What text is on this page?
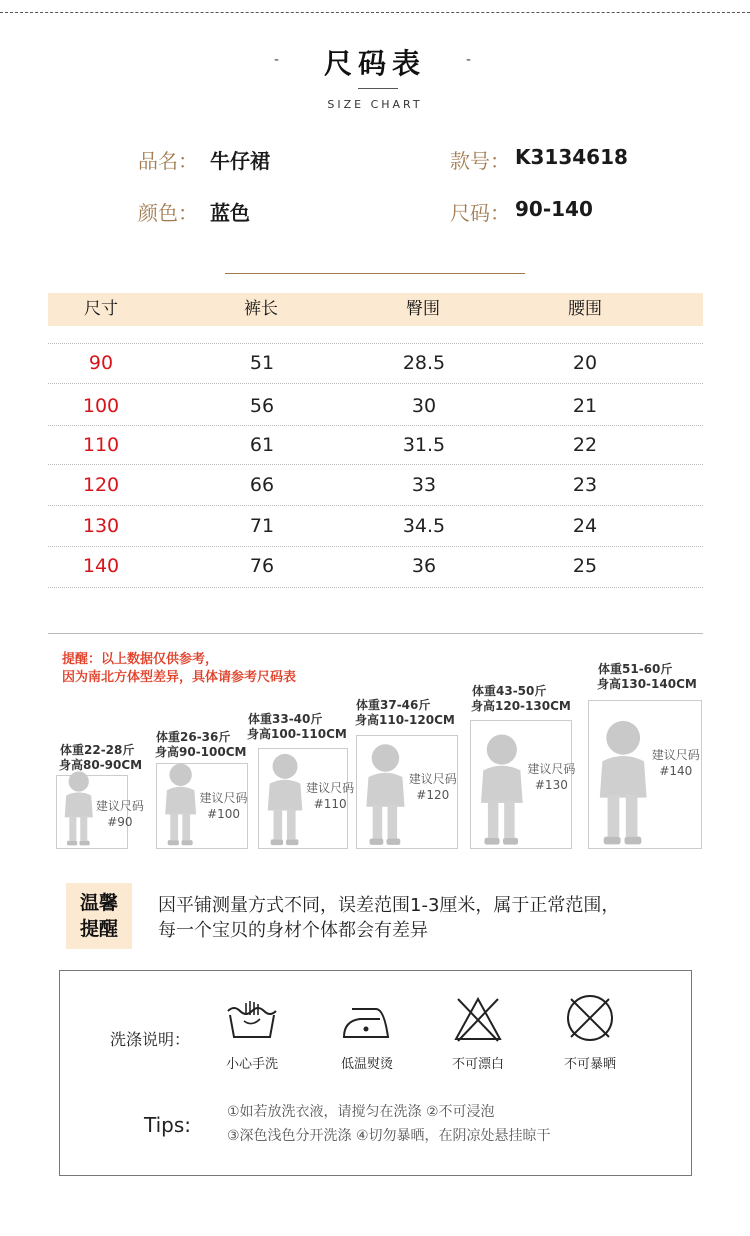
-	尺码表	-
SIZE CHART
品名： 牛仔裙	款号： K3134618
颜色： 蓝色	尺码： 90-140
尺寸	裤长	臀围	腰围
90	51	28.5	20
100	56	30	21
110	61	31.5	22
120	66	33	23
130	71	34.5	24
140	76	36	25
提醒：以上数据仅供参考，
因为南北方体型差异，具体请参考尺码表
体重22-28斤
身高80-90CM
建议尺码
#90
体重26-36斤
身高90-100CM
建议尺码
#100
体重33-40斤
身高100-110CM
建议尺码
#110
体重37-46斤
身高110-120CM
建议尺码
#120
体重43-50斤
身高120-130CM
建议尺码
#130
体重51-60斤
身高130-140CM
建议尺码
#140
温馨
提醒
因平铺测量方式不同，误差范围1-3厘米，属于正常范围，
每一个宝贝的身材个体都会有差异
洗涤说明：
小心手洗	低温熨烫	不可漂白	不可暴晒
Tips:
①如若放洗衣液，请搅匀在洗涤 ②不可浸泡
③深色浅色分开洗涤 ④切勿暴晒，在阴凉处悬挂晾干
